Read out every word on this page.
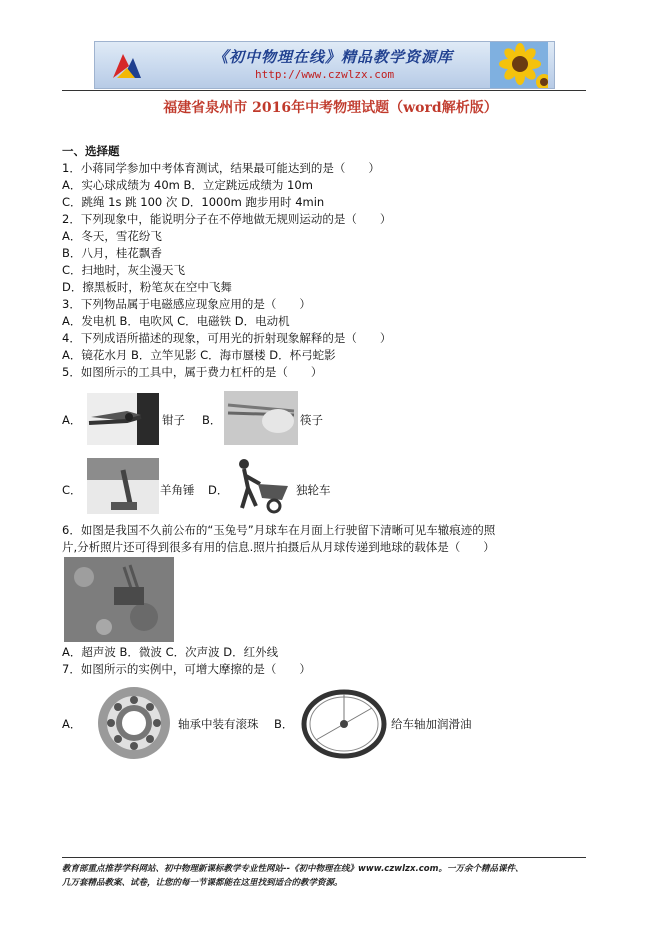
《初中物理在线》精品教学资源库
http://www.czwlzx.com
福建省泉州市 2016年中考物理试题（word解析版）
一、选择题
1．小蒋同学参加中考体育测试，结果最可能达到的是（　　）
A．实心球成绩为 40m B．立定跳远成绩为 10m
C．跳绳 1s 跳 100 次 D．1000m 跑步用时 4min
2．下列现象中，能说明分子在不停地做无规则运动的是（　　）
A．冬天，雪花纷飞
B．八月，桂花飘香
C．扫地时，灰尘漫天飞
D．擦黑板时，粉笔灰在空中飞舞
3．下列物品属于电磁感应现象应用的是（　　）
A．发电机 B．电吹风 C．电磁铁 D．电动机
4．下列成语所描述的现象，可用光的折射现象解释的是（　　）
A．镜花水月 B．立竿见影 C．海市蜃楼 D．杯弓蛇影
5．如图所示的工具中，属于费力杠杆的是（　　）
A．	钳子 B．	筷子
C．	羊角锤 D．	独轮车
6．如图是我国不久前公布的“玉兔号”月球车在月面上行驶留下清晰可见车辙痕迹的照
片,分析照片还可得到很多有用的信息.照片拍摄后从月球传递到地球的载体是（　　）
A．超声波 B．微波 C．次声波 D．红外线
7．如图所示的实例中，可增大摩擦的是（　　）
A．	轴承中装有滚珠 B．	给车轴加润滑油
教育部重点推荐学科网站、初中物理新课标教学专业性网站--《初中物理在线》www.czwlzx.com。一万余个精品课件、
几万套精品教案、试卷，让您的每一节课都能在这里找到适合的教学资源。
